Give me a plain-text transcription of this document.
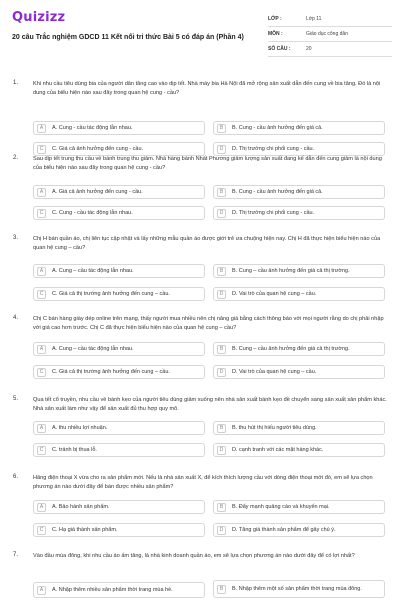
Quizizz
20 câu Trắc nghiệm GDCD 11 Kết nối tri thức Bài 5 có đáp án (Phần 4)
LỚP :	Lớp 11
MÔN :	Giáo dục công dân
SỐ CÂU :	20
1.	Khi nhu cầu tiêu dùng bia của người dân tăng cao vào dịp tết. Nhà máy bia Hà Nội đã mở rộng sản xuất dẫn đến cung về bia tăng. Đó là nội dung của biểu hiện nào sau đây trong quan hệ cung - cầu?
A	A. Cung - cầu tác động lẫn nhau.	B	B. Cung - cầu ảnh hưởng đến giá cả.
C	C. Giá cả ảnh hưởng đến cung - cầu.	D	D. Thị trường chi phối cung - cầu.
2.	Sau dịp tết trung thu cầu về bánh trung thu giảm. Nhà hàng bánh Nhất Phương giảm lượng sản xuất đang kế dẫn đến cung giảm là nội dung của biểu hiện nào sau đây trong quan hệ cung - cầu?
A	A. Giá cả ảnh hưởng đến cung - cầu.	B	B. Cung - cầu ảnh hưởng đến giá cả.
C	C. Cung - cầu tác động lẫn nhau.	D	D. Thị trường chi phối cung - cầu.
3.	Chị H bán quần áo, chị liên tục cập nhật và lấy những mẫu quần áo được giới trẻ ưa chuộng hiện nay. Chị H đã thực hiện biểu hiện nào của quan hệ cung – cầu?
A	A. Cung – cầu tác động lẫn nhau.	B	B. Cung – cầu ảnh hưởng đến giá cả thị trường.
C	C. Giá cả thị trường ảnh hưởng đến cung – cầu.	D	D. Vai trò của quan hệ cung – cầu.
4.	Chị C bán hàng giày dép online trên mạng, thấy người mua nhiều nên chị nâng giá bằng cách thông báo với mọi người rằng do chị phải nhập với giá cao hơn trước. Chị C đã thực hiện biểu hiện nào của quan hệ cung – cầu?
A	A. Cung – cầu tác động lẫn nhau.	B	B. Cung – cầu ảnh hưởng đến giá cả thị trường.
C	C. Giá cả thị trường ảnh hưởng đến cung – cầu.	D	D. Vai trò của quan hệ cung – cầu.
5.	Qua tết cổ truyền, nhu cầu về bánh kẹo của người tiêu dùng giảm xuống nên nhà sản xuất bánh kẹo đề chuyển sang sản xuất sản phẩm khác. Nhà sản xuất làm như vậy để sản xuất đủ thu hợp quy mô.
A	A. thu nhiều lợi nhuận.	B	B. thu hút thị hiếu người tiêu dùng.
C	C. tránh bị thua lỗ.	D	D. cạnh tranh với các mặt hàng khác.
6.	Hãng điện thoại X vừa cho ra sản phẩm mới. Nếu là nhà sản xuất X, để kích thích lượng cầu với dòng điện thoại mới đó, em sẽ lựa chọn phương án nào dưới đây để bán được nhiều sản phẩm?
A	A. Bảo hành sản phẩm.	B	B. Đẩy mạnh quảng cáo và khuyến mại.
C	C. Hạ giá thành sản phẩm.	D	D. Tăng giá thành sản phẩm để gây chú ý.
7.	Vào đầu mùa đông, khi nhu cầu áo ấm tăng, là nhà kinh doanh quần áo, em sẽ lựa chọn phương án nào dưới đây để có lợi nhất?
A	A. Nhập thêm nhiều sản phẩm thời trang mùa hè.	B	B. Nhập thêm một số sản phẩm thời trang mùa đông.
